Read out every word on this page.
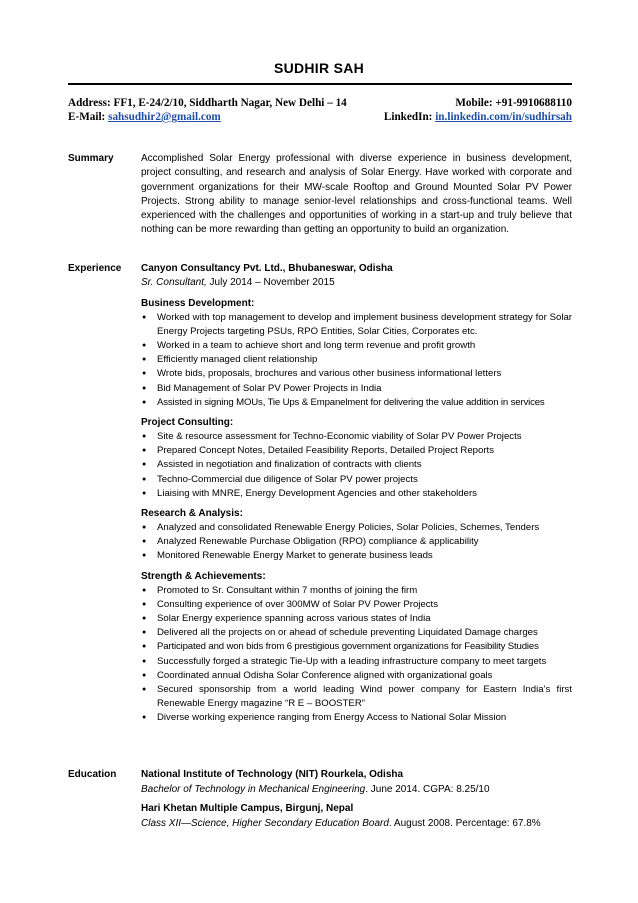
SUDHIR SAH
Address: FF1, E-24/2/10, Siddharth Nagar, New Delhi – 14	Mobile: +91-9910688110
E-Mail: sahsudhir2@gmail.com	LinkedIn: in.linkedin.com/in/sudhirsah
Summary	Accomplished Solar Energy professional with diverse experience in business development, project consulting, and research and analysis of Solar Energy. Have worked with corporate and government organizations for their MW-scale Rooftop and Ground Mounted Solar PV Power Projects. Strong ability to manage senior-level relationships and cross-functional teams. Well experienced with the challenges and opportunities of working in a start-up and truly believe that nothing can be more rewarding than getting an opportunity to build an organization.
Experience Canyon Consultancy Pvt. Ltd., Bhubaneswar, Odisha
Sr. Consultant, July 2014 – November 2015
Business Development:
● Worked with top management to develop and implement business development strategy for Solar Energy Projects targeting PSUs, RPO Entities, Solar Cities, Corporates etc.
● Worked in a team to achieve short and long term revenue and profit growth
● Efficiently managed client relationship
● Wrote bids, proposals, brochures and various other business informational letters
● Bid Management of Solar PV Power Projects in India
● Assisted in signing MOUs, Tie Ups & Empanelment for delivering the value addition in services
Project Consulting:
● Site & resource assessment for Techno-Economic viability of Solar PV Power Projects
● Prepared Concept Notes, Detailed Feasibility Reports, Detailed Project Reports
● Assisted in negotiation and finalization of contracts with clients
● Techno-Commercial due diligence of Solar PV power projects
● Liaising with MNRE, Energy Development Agencies and other stakeholders
Research & Analysis:
● Analyzed and consolidated Renewable Energy Policies, Solar Policies, Schemes, Tenders
● Analyzed Renewable Purchase Obligation (RPO) compliance & applicability
● Monitored Renewable Energy Market to generate business leads
Strength & Achievements:
● Promoted to Sr. Consultant within 7 months of joining the firm
● Consulting experience of over 300MW of Solar PV Power Projects
● Solar Energy experience spanning across various states of India
● Delivered all the projects on or ahead of schedule preventing Liquidated Damage charges
● Participated and won bids from 6 prestigious government organizations for Feasibility Studies
● Successfully forged a strategic Tie-Up with a leading infrastructure company to meet targets
● Coordinated annual Odisha Solar Conference aligned with organizational goals
● Secured sponsorship from a world leading Wind power company for Eastern India’s first Renewable Energy magazine “R E – BOOSTER”
● Diverse working experience ranging from Energy Access to National Solar Mission
Education National Institute of Technology (NIT) Rourkela, Odisha
Bachelor of Technology in Mechanical Engineering. June 2014. CGPA: 8.25/10
Hari Khetan Multiple Campus, Birgunj, Nepal
Class XII—Science, Higher Secondary Education Board. August 2008. Percentage: 67.8%
